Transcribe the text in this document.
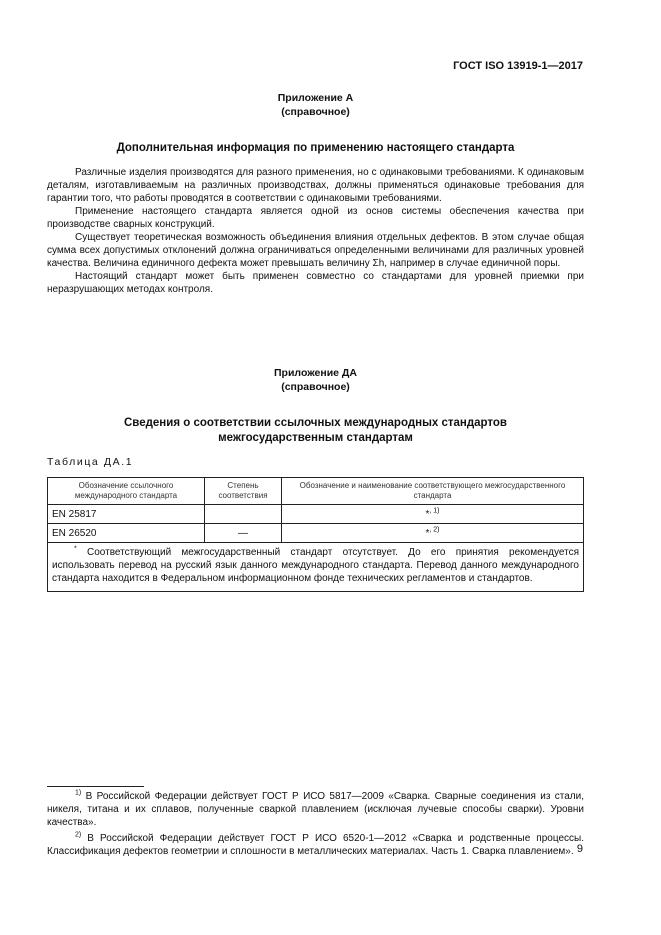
ГОСТ ISO 13919-1—2017
Приложение А
(справочное)
Дополнительная информация по применению настоящего стандарта

Различные изделия производятся для разного применения, но с одинаковыми требованиями. К одинаковым деталям, изготавливаемым на различных производствах, должны применяться одинаковые требования для гарантии того, что работы проводятся в соответствии с одинаковыми требованиями.

Применение настоящего стандарта является одной из основ системы обеспечения качества при производстве сварных конструкций.

Существует теоретическая возможность объединения влияния отдельных дефектов. В этом случае общая сумма всех допустимых отклонений должна ограничиваться определенными величинами для различных уровней качества. Величина единичного дефекта может превышать величину Σh, например в случае единичной поры.

Настоящий стандарт может быть применен совместно со стандартами для уровней приемки при неразрушающих методах контроля.

Приложение ДА
(справочное)
Сведения о соответствии ссылочных международных стандартов
межгосударственным стандартам
Таблица ДА.1
Обозначение ссылочного международного стандарта	Степень соответствия	Обозначение и наименование соответствующего межгосударственного стандарта
EN 25817		*$^{, 1)}$
EN 26520	—	*$^{, 2)}$
* Соответствующий межгосударственный стандарт отсутствует. До его принятия рекомендуется использовать перевод на русский язык данного международного стандарта. Перевод данного международного стандарта находится в Федеральном информационном фонде технических регламентов и стандартов.		

$^{1)}$ В Российской Федерации действует ГОСТ Р ИСО 5817—2009 «Сварка. Сварные соединения из стали, никеля, титана и их сплавов, полученные сваркой плавлением (исключая лучевые способы сварки). Уровни качества».

$^{2)}$ В Российской Федерации действует ГОСТ Р ИСО 6520-1—2012 «Сварка и родственные процессы. Классификация дефектов геометрии и сплошности в металлических материалах. Часть 1. Сварка плавлением». 9
